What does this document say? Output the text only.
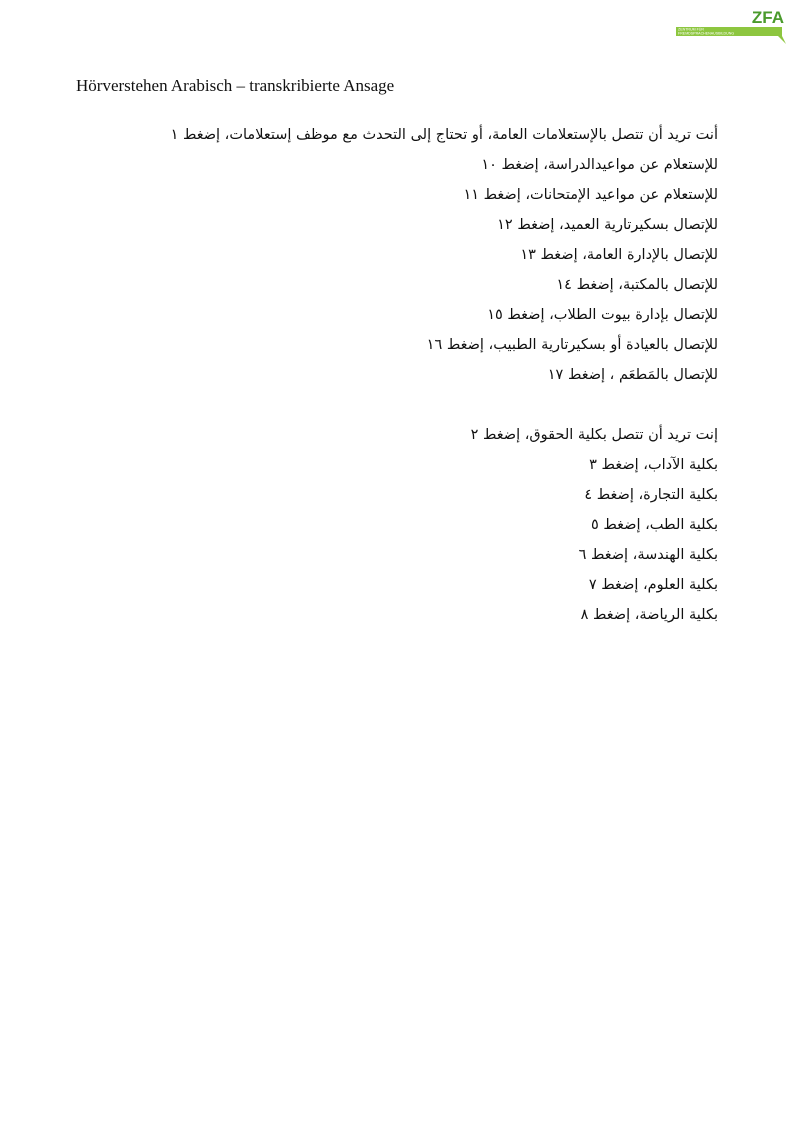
ZFA
ZENTRUM FÜR
FREMDSPRACHENAUSBILDUNG
Hörverstehen Arabisch – transkribierte Ansage
أنت تريد أن تتصل بالإستعلامات العامة، أو تحتاج إلى التحدث مع موظف إستعلامات، إضغط ١
للإستعلام عن مواعيدالدراسة، إضغط ١٠
للإستعلام عن مواعيد الإمتحانات، إضغط ١١
للإتصال بسكيرتارية العميد، إضغط ١٢
للإتصال بالإدارة العامة، إضغط ١٣
للإتصال بالمكتبة، إضغط ١٤
للإتصال بإدارة بيوت الطلاب، إضغط ١٥
للإتصال بالعيادة أو بسكيرتارية الطبيب، إضغط ١٦
للإتصال بالمَطعَم ، إضغط ١٧
إنت تريد أن تتصل بكلية الحقوق، إضغط ٢
بكلية الآداب، إضغط ٣
بكلية التجارة، إضغط ٤
بكلية الطب، إضغط ٥
بكلية الهندسة، إضغط ٦
بكلية العلوم، إضغط ٧
بكلية الرياضة، إضغط ٨
